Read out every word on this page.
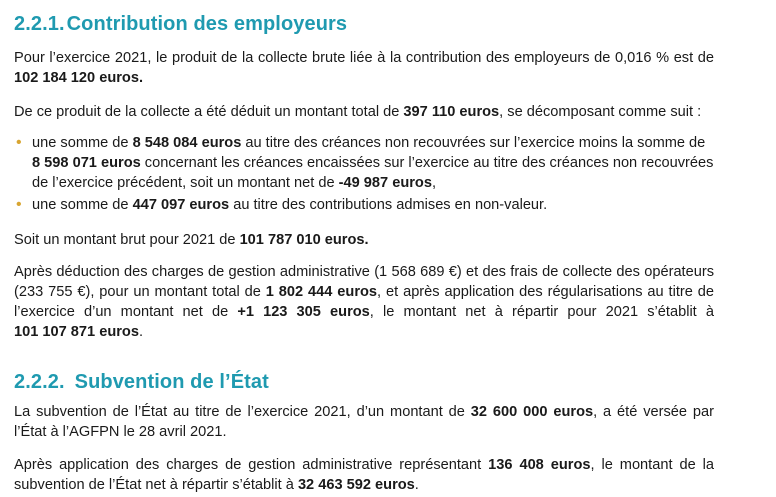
2.2.1. Contribution des employeurs

Pour l’exercice 2021, le produit de la collecte brute liée à la contribution des employeurs de 0,016 % est de 102 184 120 euros.

De ce produit de la collecte a été déduit un montant total de 397 110 euros, se décomposant comme suit :

• une somme de 8 548 084 euros au titre des créances non recouvrées sur l’exercice moins la somme de 8 598 071 euros concernant les créances encaissées sur l’exercice au titre des créances non recouvrées de l’exercice précédent, soit un montant net de -49 987 euros,
• une somme de 447 097 euros au titre des contributions admises en non-valeur.

Soit un montant brut pour 2021 de 101 787 010 euros.

Après déduction des charges de gestion administrative (1 568 689 €) et des frais de collecte des opérateurs (233 755 €), pour un montant total de 1 802 444 euros, et après application des régularisations au titre de l’exercice d’un montant net de +1 123 305 euros, le montant net à répartir pour 2021 s’établit à 101 107 871 euros.

2.2.2. Subvention de l’État

La subvention de l’État au titre de l’exercice 2021, d’un montant de 32 600 000 euros, a été versée par l’État à l’AGFPN le 28 avril 2021.

Après application des charges de gestion administrative représentant 136 408 euros, le montant de la subvention de l’État net à répartir s’établit à 32 463 592 euros.
